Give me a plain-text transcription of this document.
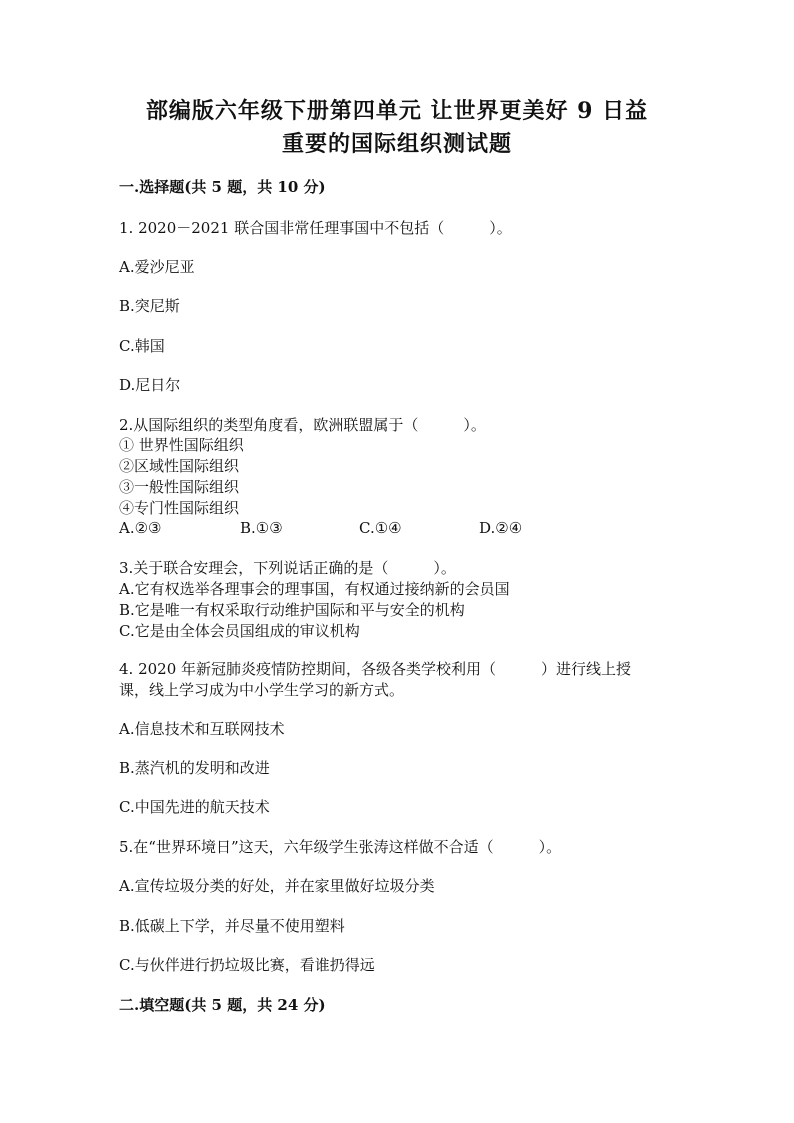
部编版六年级下册第四单元 让世界更美好 9 日益
重要的国际组织测试题
一.选择题(共 5 题，共 10 分)
1. 2020－2021 联合国非常任理事国中不包括（　　　）。
A.爱沙尼亚
B.突尼斯
C.韩国
D.尼日尔
2.从国际组织的类型角度看，欧洲联盟属于（　　　）。
① 世界性国际组织
②区域性国际组织
③一般性国际组织
④专门性国际组织
A.②③	B.①③	C.①④	D.②④
3.关于联合安理会，下列说话正确的是（　　　）。
A.它有权选举各理事会的理事国，有权通过接纳新的会员国
B.它是唯一有权采取行动维护国际和平与安全的机构
C.它是由全体会员国组成的审议机构
4. 2020 年新冠肺炎疫情防控期间，各级各类学校利用（　　　）进行线上授
课，线上学习成为中小学生学习的新方式。
A.信息技术和互联网技术
B.蒸汽机的发明和改进
C.中国先进的航天技术
5.在“世界环境日”这天，六年级学生张涛这样做不合适（　　　）。
A.宣传垃圾分类的好处，并在家里做好垃圾分类
B.低碳上下学，并尽量不使用塑料
C.与伙伴进行扔垃圾比赛，看谁扔得远
二.填空题(共 5 题，共 24 分)
